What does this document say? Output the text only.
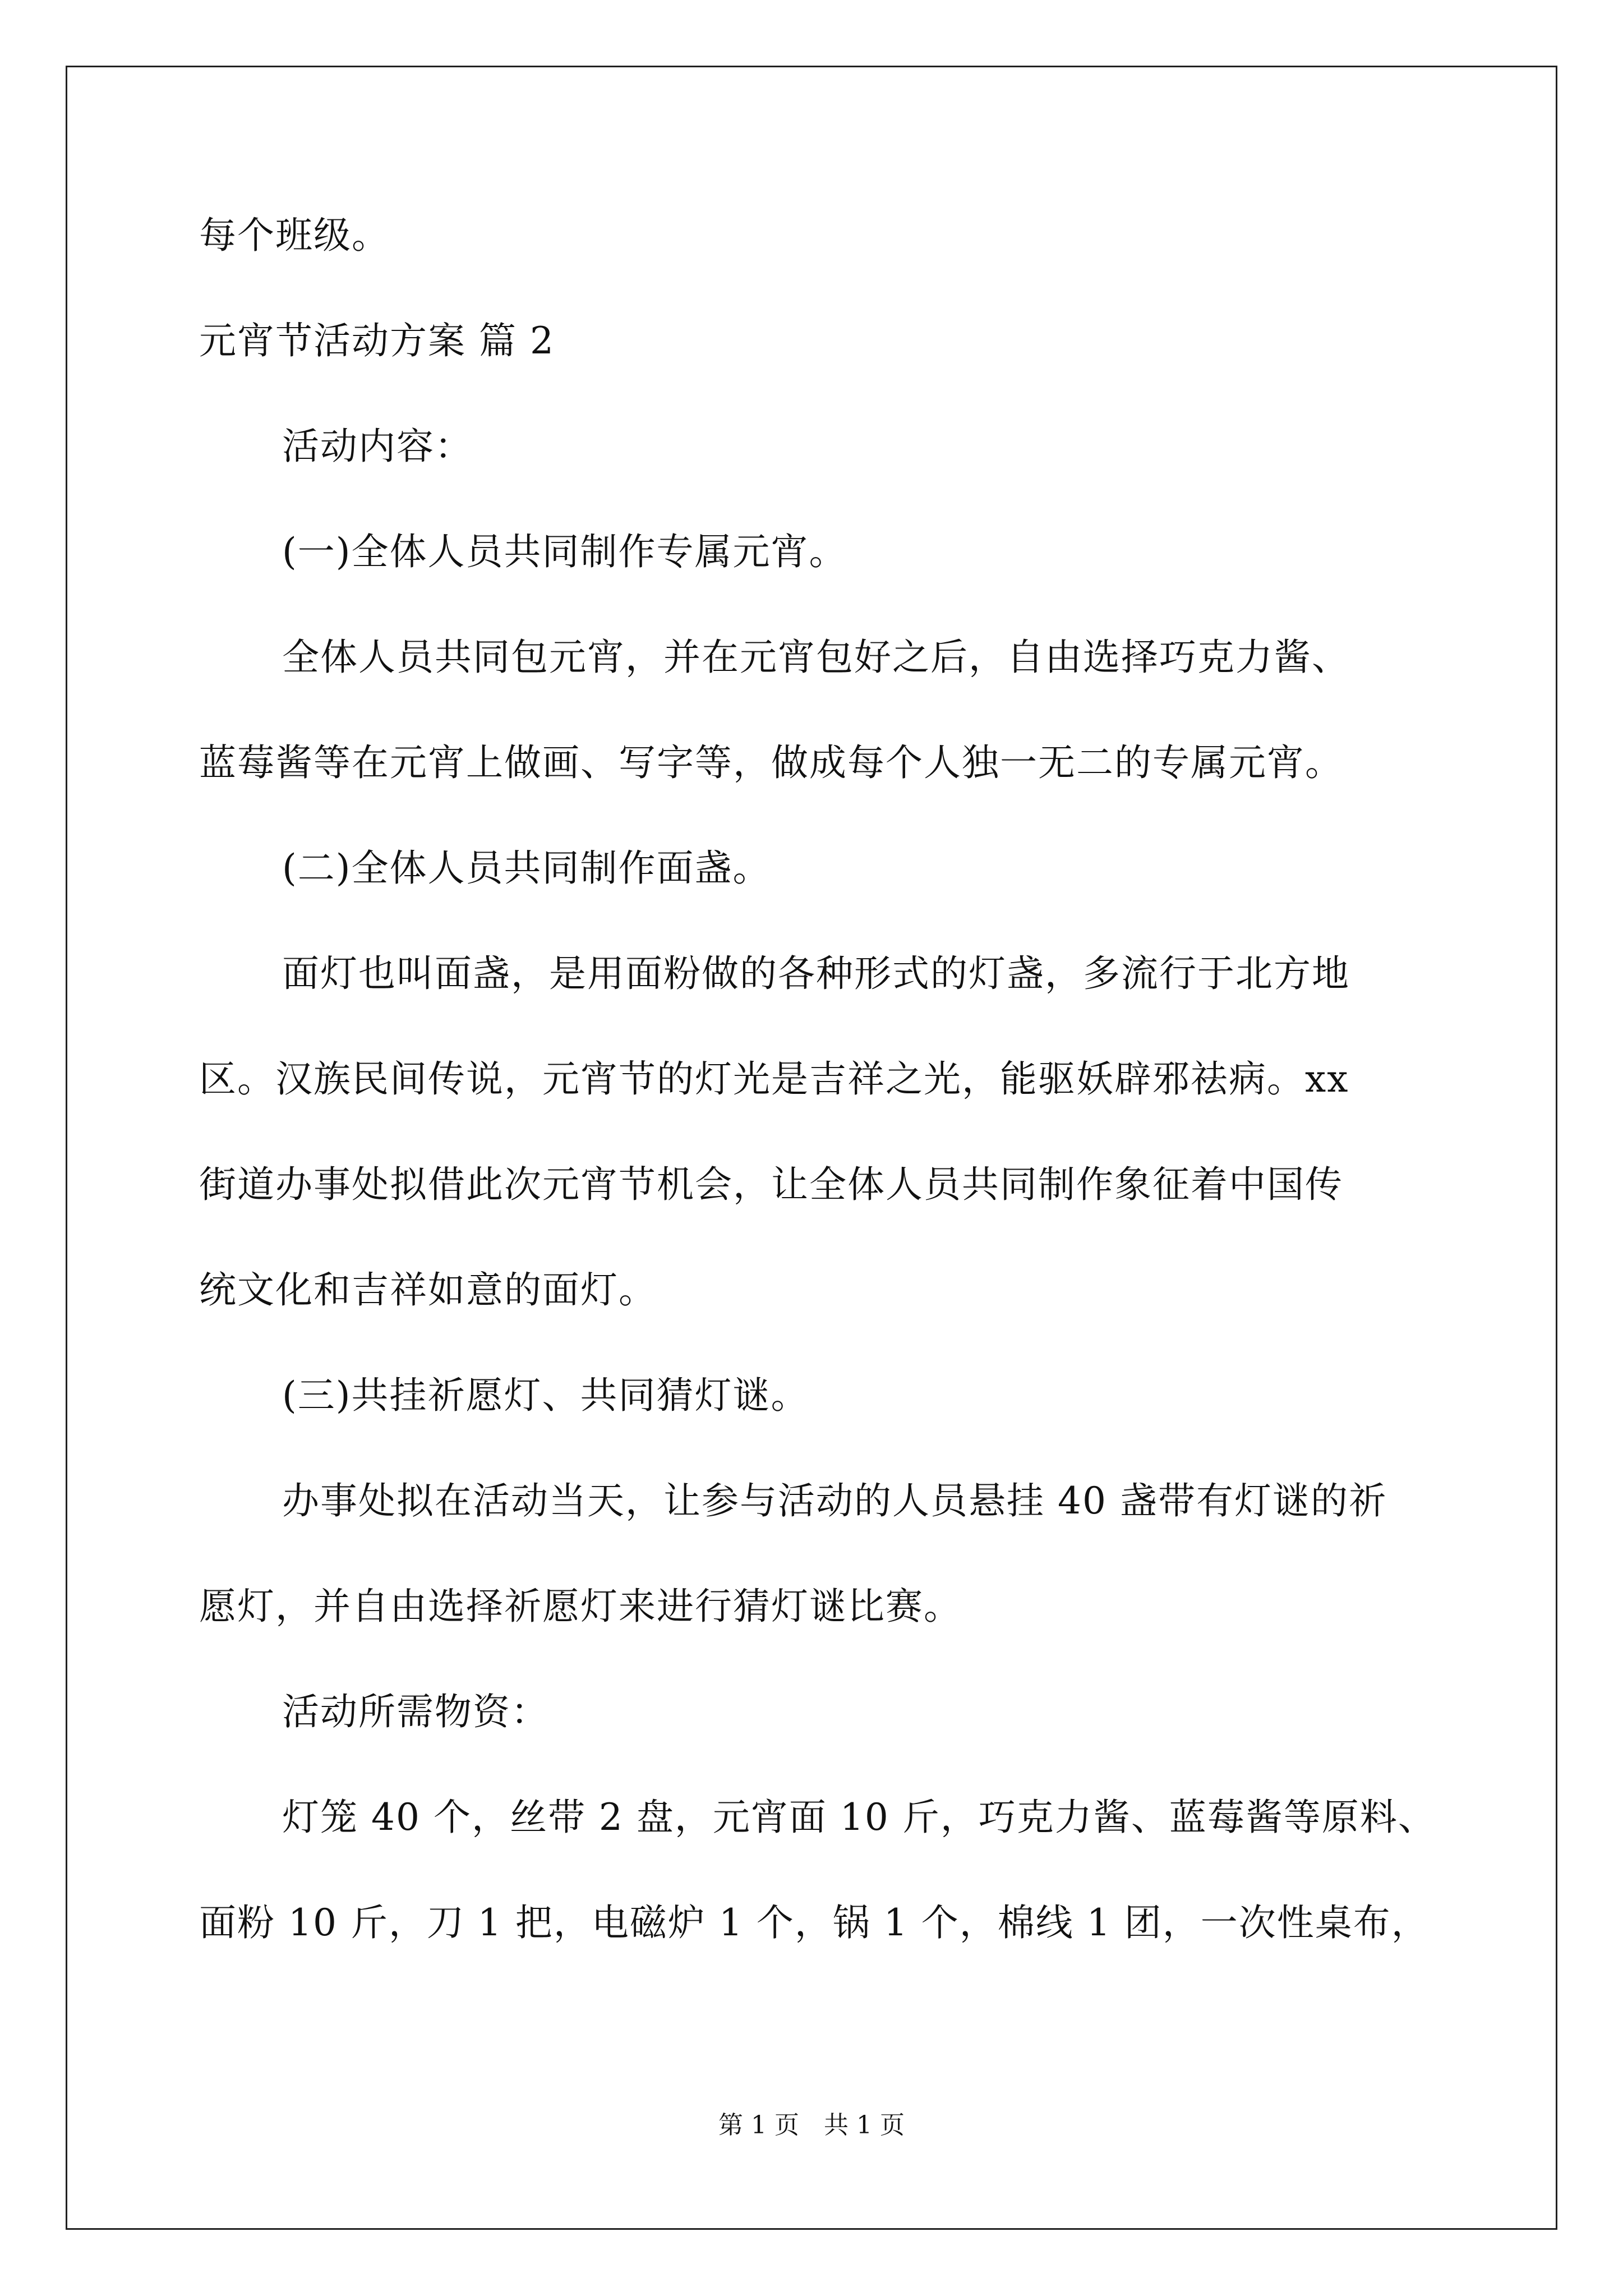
每个班级。
元宵节活动方案 篇 2
活动内容：
(一)全体人员共同制作专属元宵。
全体人员共同包元宵，并在元宵包好之后，自由选择巧克力酱、
蓝莓酱等在元宵上做画、写字等，做成每个人独一无二的专属元宵。
(二)全体人员共同制作面盏。
面灯也叫面盏，是用面粉做的各种形式的灯盏，多流行于北方地
区。汉族民间传说，元宵节的灯光是吉祥之光，能驱妖辟邪祛病。xx
街道办事处拟借此次元宵节机会，让全体人员共同制作象征着中国传
统文化和吉祥如意的面灯。
(三)共挂祈愿灯、共同猜灯谜。
办事处拟在活动当天，让参与活动的人员悬挂 40 盏带有灯谜的祈
愿灯，并自由选择祈愿灯来进行猜灯谜比赛。
活动所需物资：
灯笼 40 个，丝带 2 盘，元宵面 10 斤，巧克力酱、蓝莓酱等原料、
面粉 10 斤，刀 1 把，电磁炉 1 个，锅 1 个，棉线 1 团，一次性桌布，
第 1 页　共 1 页
